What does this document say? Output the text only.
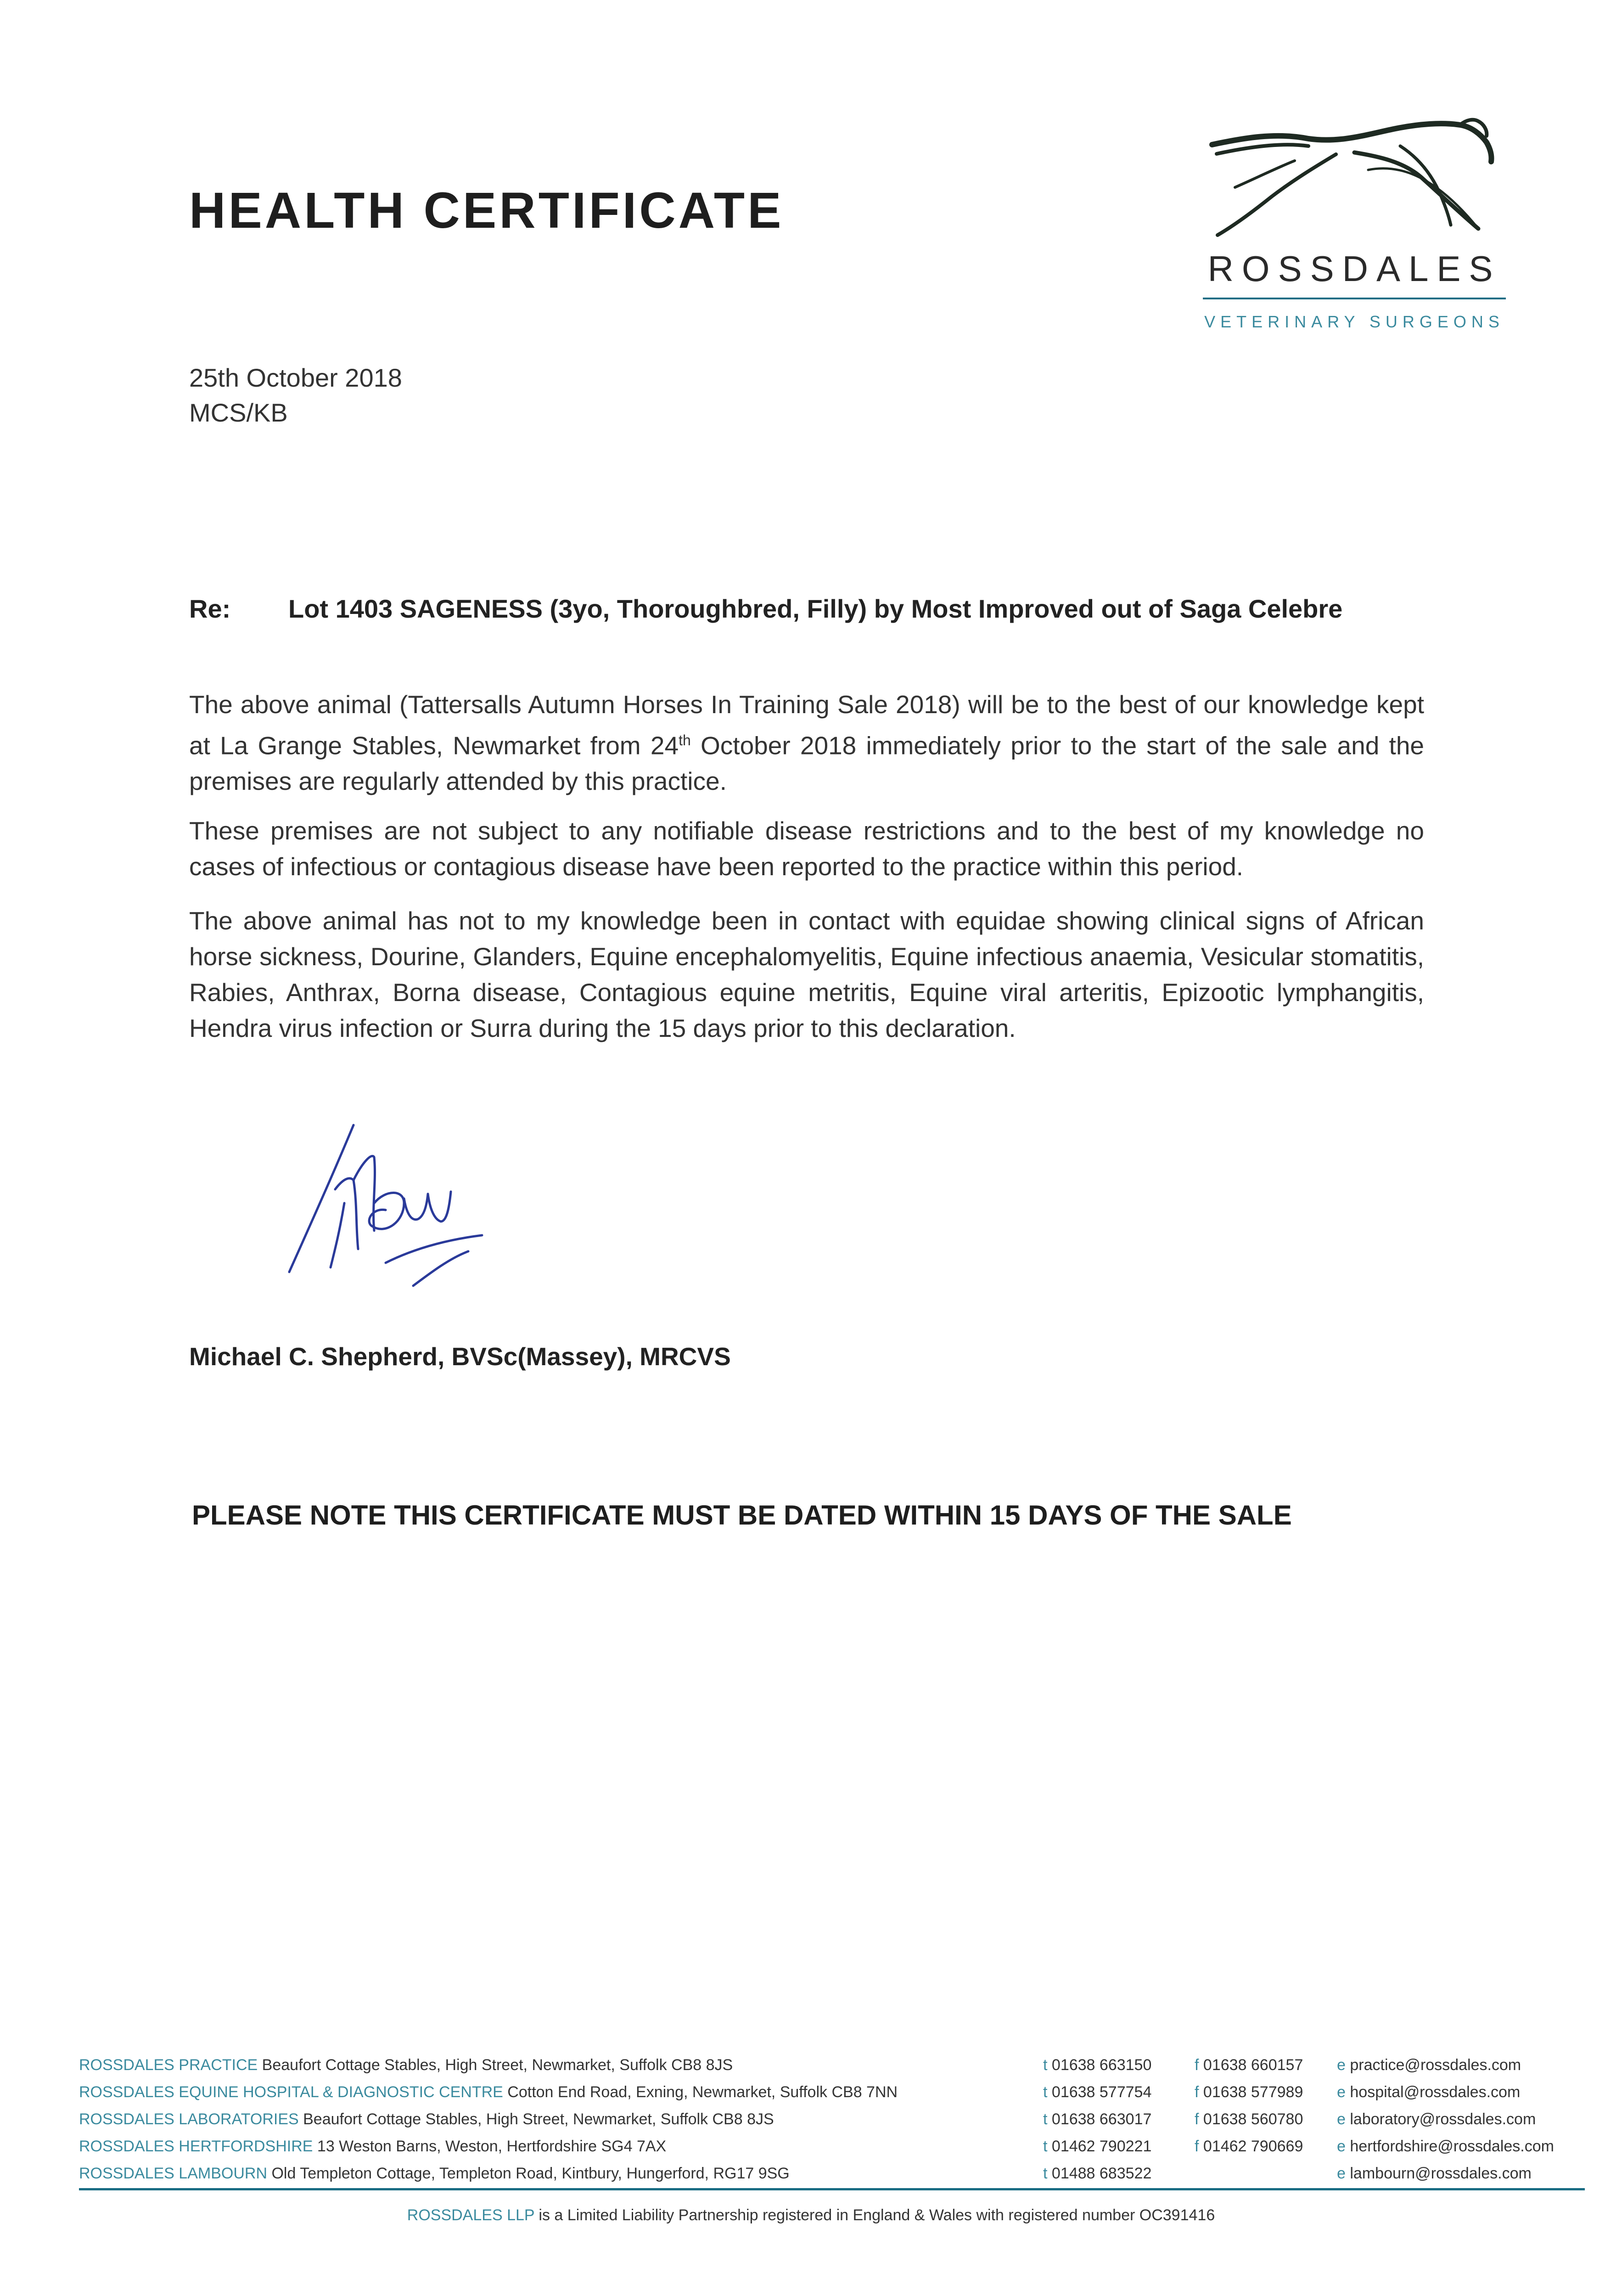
HEALTH CERTIFICATE
ROSSDALES
VETERINARY SURGEONS
25th October 2018
MCS/KB
Re: Lot 1403 SAGENESS (3yo, Thoroughbred, Filly) by Most Improved out of Saga Celebre

The above animal (Tattersalls Autumn Horses In Training Sale 2018) will be to the best of our knowledge kept at La Grange Stables, Newmarket from 24th October 2018 immediately prior to the start of the sale and the premises are regularly attended by this practice.

These premises are not subject to any notifiable disease restrictions and to the best of my knowledge no cases of infectious or contagious disease have been reported to the practice within this period.

The above animal has not to my knowledge been in contact with equidae showing clinical signs of African horse sickness, Dourine, Glanders, Equine encephalomyelitis, Equine infectious anaemia, Vesicular stomatitis, Rabies, Anthrax, Borna disease, Contagious equine metritis, Equine viral arteritis, Epizootic lymphangitis, Hendra virus infection or Surra during the 15 days prior to this declaration.

Michael C. Shepherd, BVSc(Massey), MRCVS
PLEASE NOTE THIS CERTIFICATE MUST BE DATED WITHIN 15 DAYS OF THE SALE
ROSSDALES PRACTICE Beaufort Cottage Stables, High Street, Newmarket, Suffolk CB8 8JS	t 01638 663150	f 01638 660157 e practice@rossdales.com
ROSSDALES EQUINE HOSPITAL & DIAGNOSTIC CENTRE Cotton End Road, Exning, Newmarket, Suffolk CB8 7NN	t 01638 577754	f 01638 577989 e hospital@rossdales.com
ROSSDALES LABORATORIES Beaufort Cottage Stables, High Street, Newmarket, Suffolk CB8 8JS	t 01638 663017	f 01638 560780 e laboratory@rossdales.com
ROSSDALES HERTFORDSHIRE 13 Weston Barns, Weston, Hertfordshire SG4 7AX	t 01462 790221	f 01462 790669 e hertfordshire@rossdales.com
ROSSDALES LAMBOURN Old Templeton Cottage, Templeton Road, Kintbury, Hungerford, RG17 9SG	t 01488 683522	e lambourn@rossdales.com
ROSSDALES LLP is a Limited Liability Partnership registered in England & Wales with registered number OC391416
